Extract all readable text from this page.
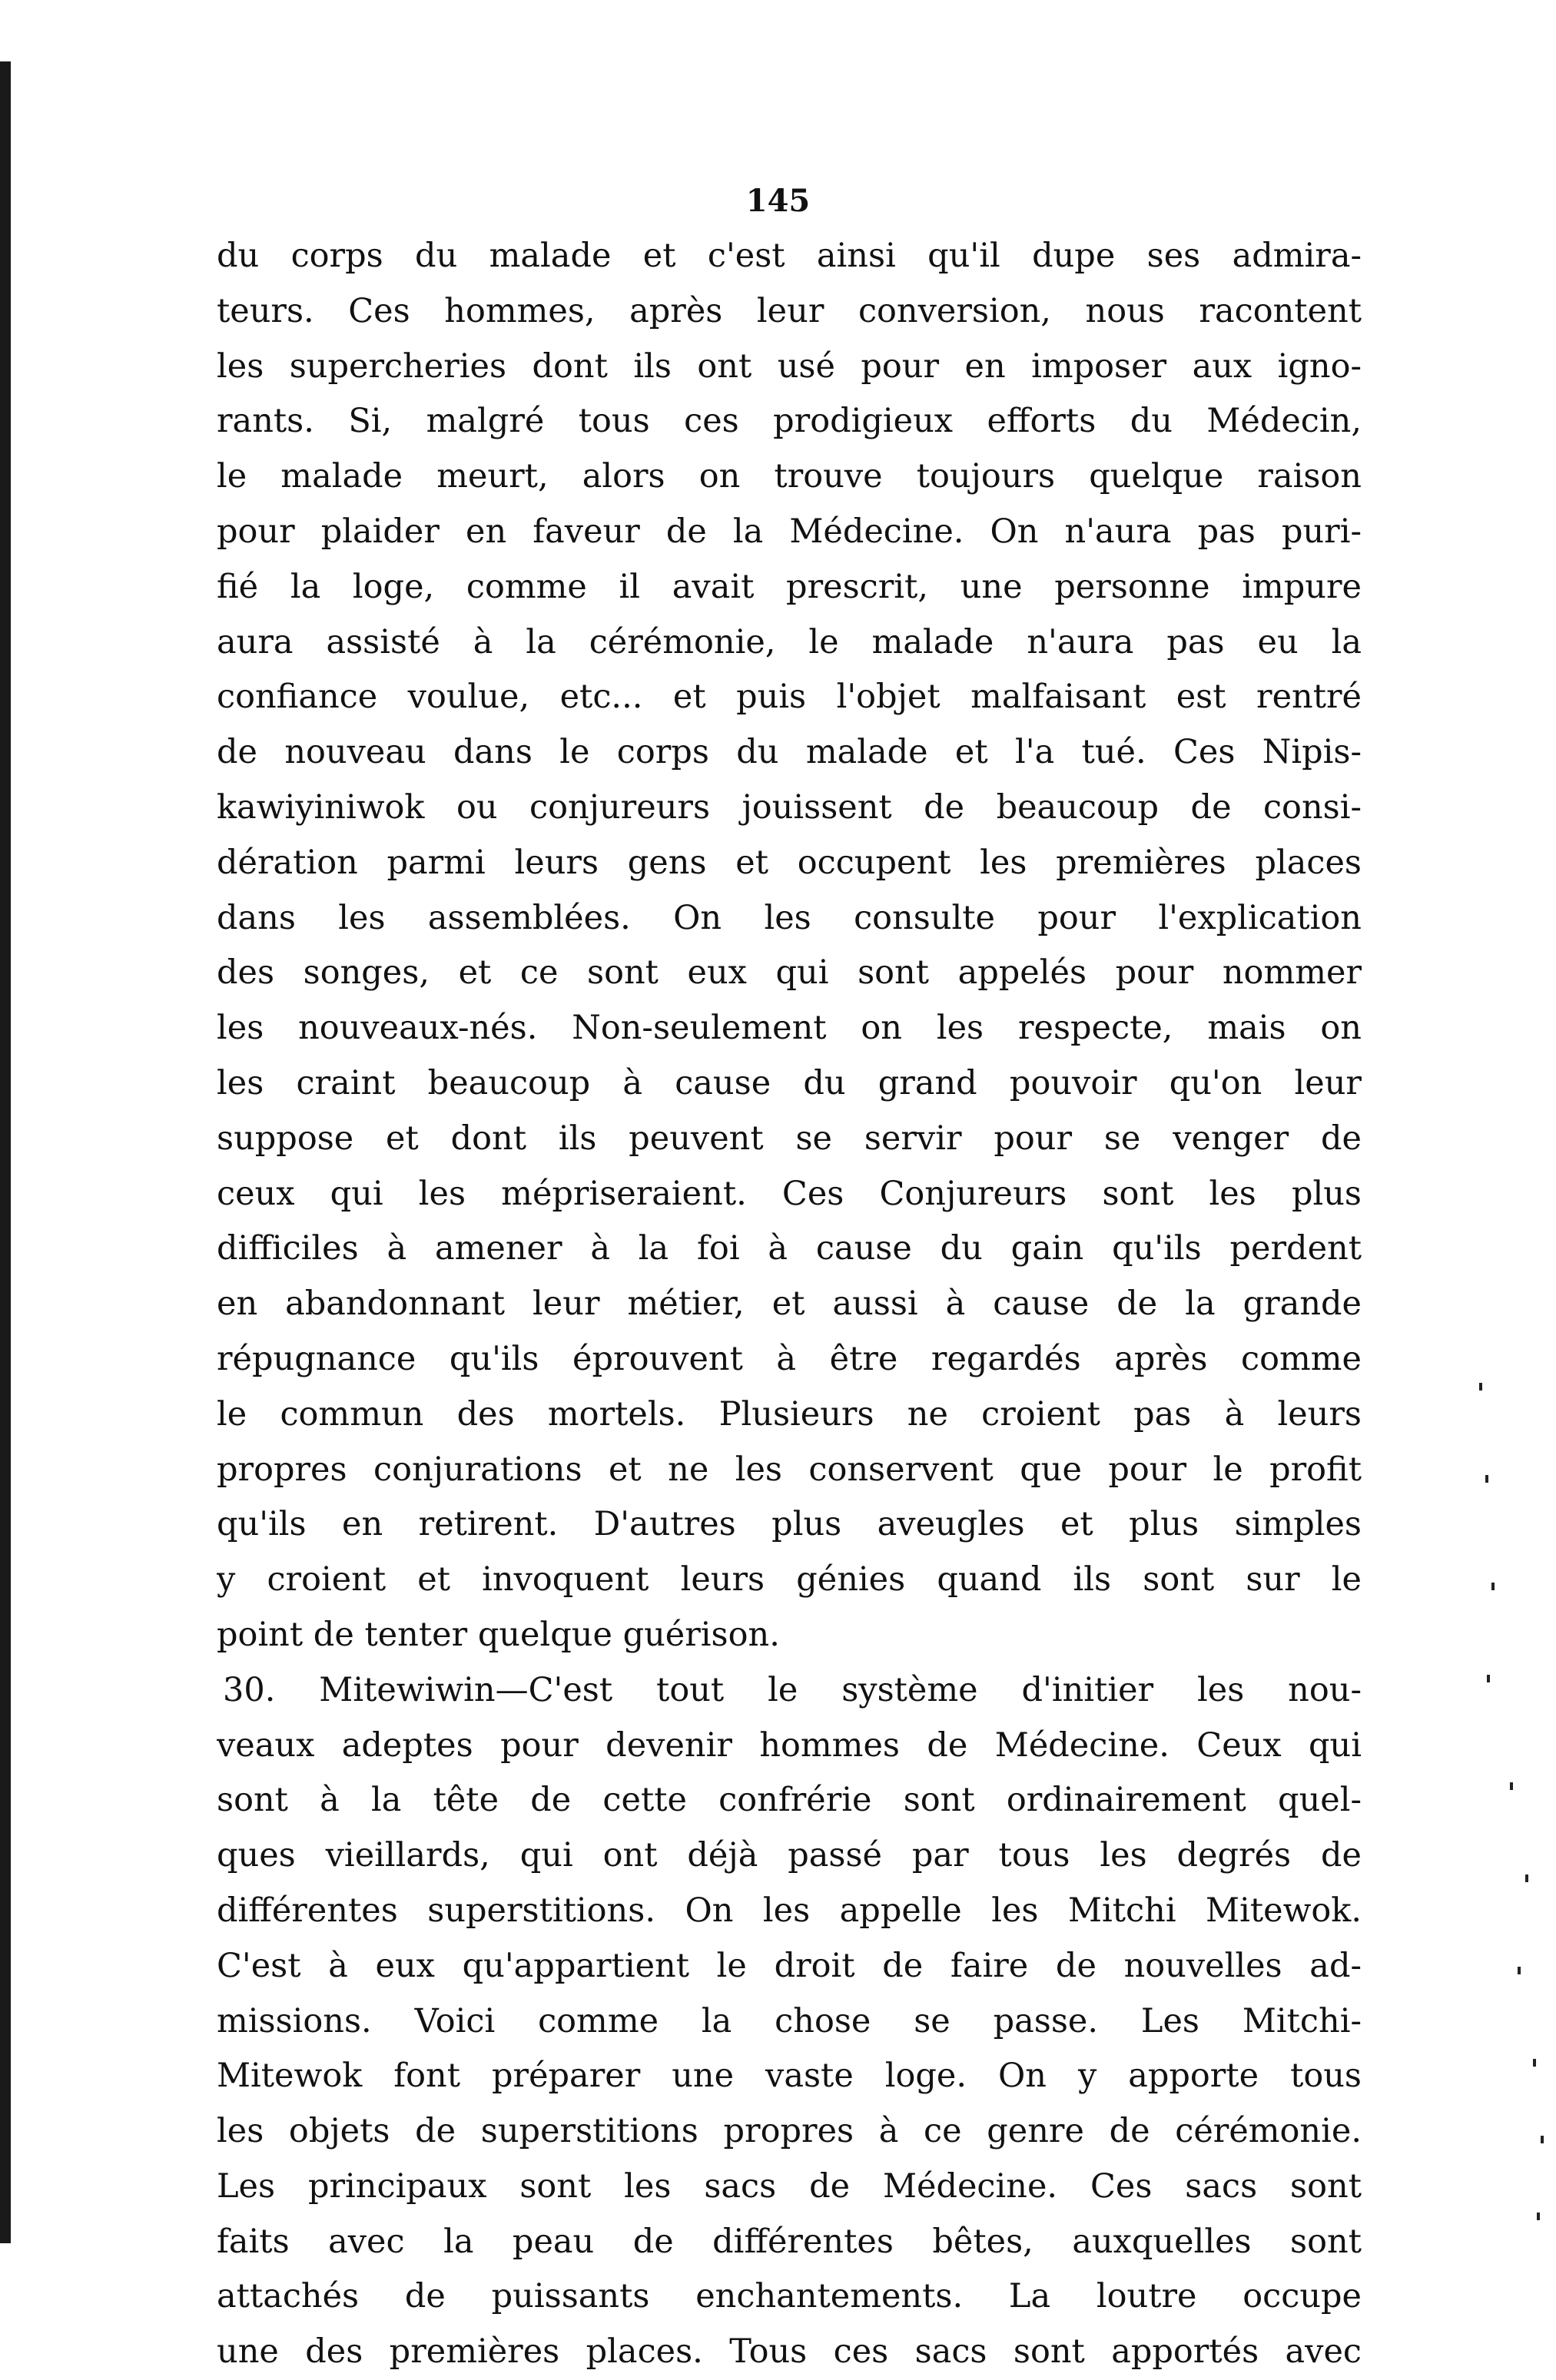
145
du corps du malade et c'est ainsi qu'il dupe ses admira-
teurs. Ces hommes, après leur conversion, nous racontent
les supercheries dont ils ont usé pour en imposer aux igno-
rants. Si, malgré tous ces prodigieux efforts du Médecin,
le malade meurt, alors on trouve toujours quelque raison
pour plaider en faveur de la Médecine. On n'aura pas puri-
fié la loge, comme il avait prescrit, une personne impure
aura assisté à la cérémonie, le malade n'aura pas eu la
confiance voulue, etc... et puis l'objet malfaisant est rentré
de nouveau dans le corps du malade et l'a tué. Ces Nipis-
kawiyiniwok ou conjureurs jouissent de beaucoup de consi-
dération parmi leurs gens et occupent les premières places
dans les assemblées. On les consulte pour l'explication
des songes, et ce sont eux qui sont appelés pour nommer
les nouveaux-nés. Non-seulement on les respecte, mais on
les craint beaucoup à cause du grand pouvoir qu'on leur
suppose et dont ils peuvent se servir pour se venger de
ceux qui les mépriseraient. Ces Conjureurs sont les plus
difficiles à amener à la foi à cause du gain qu'ils perdent
en abandonnant leur métier, et aussi à cause de la grande
répugnance qu'ils éprouvent à être regardés après comme
le commun des mortels. Plusieurs ne croient pas à leurs
propres conjurations et ne les conservent que pour le profit
qu'ils en retirent. D'autres plus aveugles et plus simples
y croient et invoquent leurs génies quand ils sont sur le
point de tenter quelque guérison.
30. Mitewiwin—C'est tout le système d'initier les nou-
veaux adeptes pour devenir hommes de Médecine. Ceux qui
sont à la tête de cette confrérie sont ordinairement quel-
ques vieillards, qui ont déjà passé par tous les degrés de
différentes superstitions. On les appelle les Mitchi Mitewok.
C'est à eux qu'appartient le droit de faire de nouvelles ad-
missions. Voici comme la chose se passe. Les Mitchi-
Mitewok font préparer une vaste loge. On y apporte tous
les objets de superstitions propres à ce genre de cérémonie.
Les principaux sont les sacs de Médecine. Ces sacs sont
faits avec la peau de différentes bêtes, auxquelles sont
attachés de puissants enchantements. La loutre occupe
une des premières places. Tous ces sacs sont apportés avec
